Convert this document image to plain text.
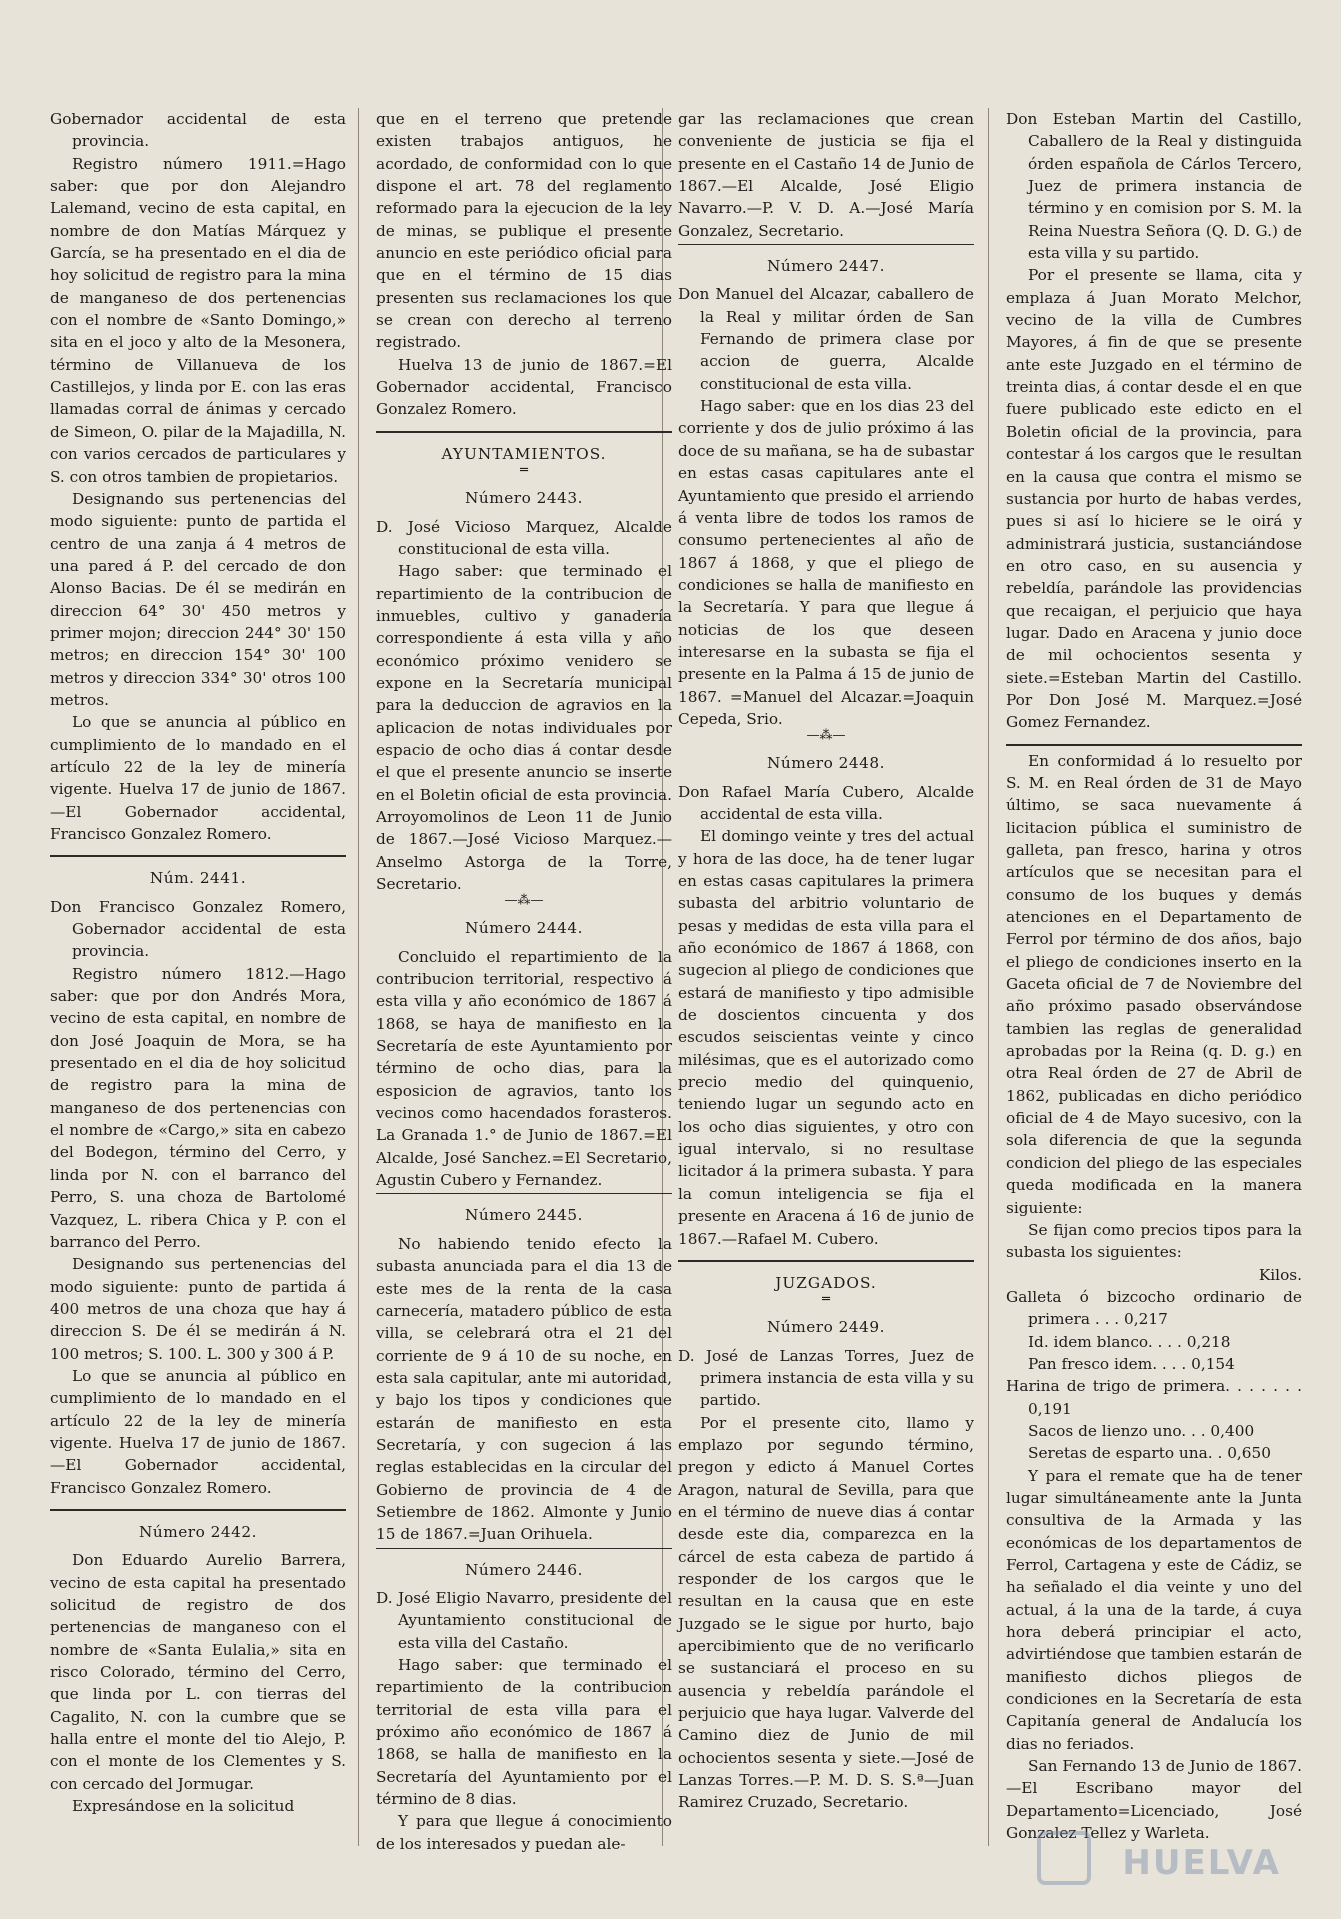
Gobernador accidental de esta provincia.

Registro número 1911.=Hago saber: que por don Alejandro Lalemand, vecino de esta capital, en nombre de don Matías Márquez y García, se ha presentado en el dia de hoy solicitud de registro para la mina de manganeso de dos pertenencias con el nombre de «Santo Domingo,» sita en el joco y alto de la Mesonera, término de Villanueva de los Castillejos, y linda por E. con las eras llamadas corral de ánimas y cercado de Simeon, O. pilar de la Majadilla, N. con varios cercados de particulares y S. con otros tambien de propietarios.

Designando sus pertenencias del modo siguiente: punto de partida el centro de una zanja á 4 metros de una pared á P. del cercado de don Alonso Bacias. De él se medirán en direccion 64° 30' 450 metros y primer mojon; direccion 244° 30' 150 metros; en direccion 154° 30' 100 metros y direccion 334° 30' otros 100 metros.

Lo que se anuncia al público en cumplimiento de lo mandado en el artículo 22 de la ley de minería vigente. Huelva 17 de junio de 1867.—El Gobernador accidental, Francisco Gonzalez Romero.

Núm. 2441.

Don Francisco Gonzalez Romero, Gobernador accidental de esta provincia.

Registro número 1812.—Hago saber: que por don Andrés Mora, vecino de esta capital, en nombre de don José Joaquin de Mora, se ha presentado en el dia de hoy solicitud de registro para la mina de manganeso de dos pertenencias con el nombre de «Cargo,» sita en cabezo del Bodegon, término del Cerro, y linda por N. con el barranco del Perro, S. una choza de Bartolomé Vazquez, L. ribera Chica y P. con el barranco del Perro.

Designando sus pertenencias del modo siguiente: punto de partida á 400 metros de una choza que hay á direccion S. De él se medirán á N. 100 metros; S. 100. L. 300 y 300 á P.

Lo que se anuncia al público en cumplimiento de lo mandado en el artículo 22 de la ley de minería vigente. Huelva 17 de junio de 1867.—El Gobernador accidental, Francisco Gonzalez Romero.

Número 2442.

Don Eduardo Aurelio Barrera, vecino de esta capital ha presentado solicitud de registro de dos pertenencias de manganeso con el nombre de «Santa Eulalia,» sita en risco Colorado, término del Cerro, que linda por L. con tierras del Cagalito, N. con la cumbre que se halla entre el monte del tio Alejo, P. con el monte de los Clementes y S. con cercado del Jormugar.

Expresándose en la solicitud

que en el terreno que pretende existen trabajos antiguos, he acordado, de conformidad con lo que dispone el art. 78 del reglamento reformado para la ejecucion de la ley de minas, se publique el presente anuncio en este periódico oficial para que en el término de 15 dias presenten sus reclamaciones los que se crean con derecho al terreno registrado.

Huelva 13 de junio de 1867.=El Gobernador accidental, Francisco Gonzalez Romero.

AYUNTAMIENTOS.

═

Número 2443.

D. José Vicioso Marquez, Alcalde constitucional de esta villa.

Hago saber: que terminado el repartimiento de la contribucion de inmuebles, cultivo y ganadería correspondiente á esta villa y año económico próximo venidero se expone en la Secretaría municipal para la deduccion de agravios en la aplicacion de notas individuales por espacio de ocho dias á contar desde el que el presente anuncio se inserte en el Boletin oficial de esta provincia. Arroyomolinos de Leon 11 de Junio de 1867.—José Vicioso Marquez.—Anselmo Astorga de la Torre, Secretario.

—⁂—

Número 2444.

Concluido el repartimiento de la contribucion territorial, respectivo á esta villa y año económico de 1867 á 1868, se haya de manifiesto en la Secretaría de este Ayuntamiento por término de ocho dias, para la esposicion de agravios, tanto los vecinos como hacendados forasteros. La Granada 1.° de Junio de 1867.=El Alcalde, José Sanchez.=El Secretario, Agustin Cubero y Fernandez.

Número 2445.

No habiendo tenido efecto la subasta anunciada para el dia 13 de este mes de la renta de la casa carnecería, matadero público de esta villa, se celebrará otra el 21 del corriente de 9 á 10 de su noche, en esta sala capitular, ante mi autoridad, y bajo los tipos y condiciones que estarán de manifiesto en esta Secretaría, y con sugecion á las reglas establecidas en la circular del Gobierno de provincia de 4 de Setiembre de 1862. Almonte y Junio 15 de 1867.=Juan Orihuela.

Número 2446.

D. José Eligio Navarro, presidente del Ayuntamiento constitucional de esta villa del Castaño.

Hago saber: que terminado el repartimiento de la contribucion territorial de esta villa para el próximo año económico de 1867 á 1868, se halla de manifiesto en la Secretaría del Ayuntamiento por el término de 8 dias.

Y para que llegue á conocimiento de los interesados y puedan ale-

gar las reclamaciones que crean conveniente de justicia se fija el presente en el Castaño 14 de Junio de 1867.—El Alcalde, José Eligio Navarro.—P. V. D. A.—José María Gonzalez, Secretario.

Número 2447.

Don Manuel del Alcazar, caballero de la Real y militar órden de San Fernando de primera clase por accion de guerra, Alcalde constitucional de esta villa.

Hago saber: que en los dias 23 del corriente y dos de julio próximo á las doce de su mañana, se ha de subastar en estas casas capitulares ante el Ayuntamiento que presido el arriendo á venta libre de todos los ramos de consumo pertenecientes al año de 1867 á 1868, y que el pliego de condiciones se halla de manifiesto en la Secretaría. Y para que llegue á noticias de los que deseen interesarse en la subasta se fija el presente en la Palma á 15 de junio de 1867. =Manuel del Alcazar.=Joaquin Cepeda, Srio.

—⁂—

Número 2448.

Don Rafael María Cubero, Alcalde accidental de esta villa.

El domingo veinte y tres del actual y hora de las doce, ha de tener lugar en estas casas capitulares la primera subasta del arbitrio voluntario de pesas y medidas de esta villa para el año económico de 1867 á 1868, con sugecion al pliego de condiciones que estará de manifiesto y tipo admisible de doscientos cincuenta y dos escudos seiscientas veinte y cinco milésimas, que es el autorizado como precio medio del quinquenio, teniendo lugar un segundo acto en los ocho dias siguientes, y otro con igual intervalo, si no resultase licitador á la primera subasta. Y para la comun inteligencia se fija el presente en Aracena á 16 de junio de 1867.—Rafael M. Cubero.

JUZGADOS.

═

Número 2449.

D. José de Lanzas Torres, Juez de primera instancia de esta villa y su partido.

Por el presente cito, llamo y emplazo por segundo término, pregon y edicto á Manuel Cortes Aragon, natural de Sevilla, para que en el término de nueve dias á contar desde este dia, comparezca en la cárcel de esta cabeza de partido á responder de los cargos que le resultan en la causa que en este Juzgado se le sigue por hurto, bajo apercibimiento que de no verificarlo se sustanciará el proceso en su ausencia y rebeldía parándole el perjuicio que haya lugar. Valverde del Camino diez de Junio de mil ochocientos sesenta y siete.—José de Lanzas Torres.—P. M. D. S. S.ª—Juan Ramirez Cruzado, Secretario.

Don Esteban Martin del Castillo, Caballero de la Real y distinguida órden española de Cárlos Tercero, Juez de primera instancia de término y en comision por S. M. la Reina Nuestra Señora (Q. D. G.) de esta villa y su partido.

Por el presente se llama, cita y emplaza á Juan Morato Melchor, vecino de la villa de Cumbres Mayores, á fin de que se presente ante este Juzgado en el término de treinta dias, á contar desde el en que fuere publicado este edicto en el Boletin oficial de la provincia, para contestar á los cargos que le resultan en la causa que contra el mismo se sustancia por hurto de habas verdes, pues si así lo hiciere se le oirá y administrará justicia, sustanciándose en otro caso, en su ausencia y rebeldía, parándole las providencias que recaigan, el perjuicio que haya lugar. Dado en Aracena y junio doce de mil ochocientos sesenta y siete.=Esteban Martin del Castillo. Por Don José M. Marquez.=José Gomez Fernandez.

En conformidad á lo resuelto por S. M. en Real órden de 31 de Mayo último, se saca nuevamente á licitacion pública el suministro de galleta, pan fresco, harina y otros artículos que se necesitan para el consumo de los buques y demás atenciones en el Departamento de Ferrol por término de dos años, bajo el pliego de condiciones inserto en la Gaceta oficial de 7 de Noviembre del año próximo pasado observándose tambien las reglas de generalidad aprobadas por la Reina (q. D. g.) en otra Real órden de 27 de Abril de 1862, publicadas en dicho periódico oficial de 4 de Mayo sucesivo, con la sola diferencia de que la segunda condicion del pliego de las especiales queda modificada en la manera siguiente:

Se fijan como precios tipos para la subasta los siguientes:

Kilos.

Galleta ó bizcocho ordinario de primera . . . 0,217

Id. idem blanco. . . . 0,218

Pan fresco idem. . . . 0,154

Harina de trigo de primera. . . . . . . 0,191

Sacos de lienzo uno. . . 0,400

Seretas de esparto una. . 0,650

Y para el remate que ha de tener lugar simultáneamente ante la Junta consultiva de la Armada y las económicas de los departamentos de Ferrol, Cartagena y este de Cádiz, se ha señalado el dia veinte y uno del actual, á la una de la tarde, á cuya hora deberá principiar el acto, advirtiéndose que tambien estarán de manifiesto dichos pliegos de condiciones en la Secretaría de esta Capitanía general de Andalucía los dias no feriados.

San Fernando 13 de Junio de 1867.—El Escribano mayor del Departamento=Licenciado, José Gonzalez Tellez y Warleta.

HUELVA
